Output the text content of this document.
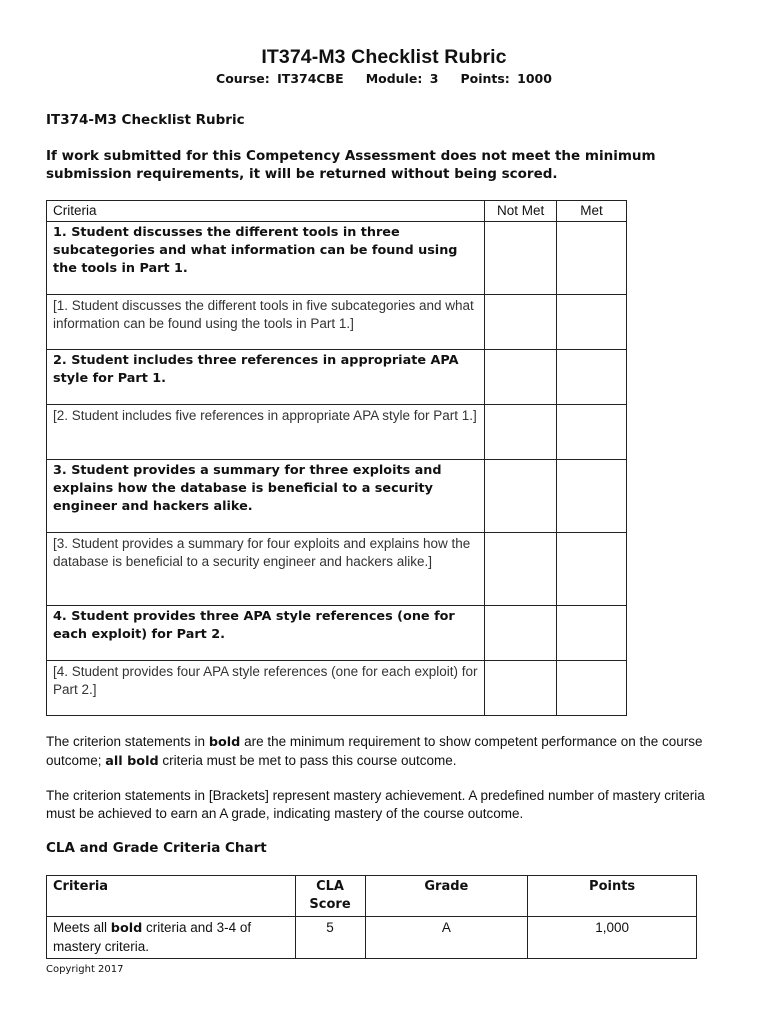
IT374-M3 Checklist Rubric
Course: IT374CBE   Module: 3   Points: 1000
IT374-M3 Checklist Rubric
If work submitted for this Competency Assessment does not meet the minimum submission requirements, it will be returned without being scored.
Criteria	Not Met	Met
1. Student discusses the different tools in three subcategories and what information can be found using the tools in Part 1.		
[1. Student discusses the different tools in five subcategories and what information can be found using the tools in Part 1.]		
2. Student includes three references in appropriate APA style for Part 1.		
[2. Student includes five references in appropriate APA style for Part 1.]		
3. Student provides a summary for three exploits and explains how the database is beneficial to a security engineer and hackers alike.		
[3. Student provides a summary for four exploits and explains how the database is beneficial to a security engineer and hackers alike.]		
4. Student provides three APA style references (one for each exploit) for Part 2.		
[4. Student provides four APA style references (one for each exploit) for Part 2.]		
The criterion statements in bold are the minimum requirement to show competent performance on the course outcome; all bold criteria must be met to pass this course outcome.
The criterion statements in [Brackets] represent mastery achievement. A predefined number of mastery criteria must be achieved to earn an A grade, indicating mastery of the course outcome.
CLA and Grade Criteria Chart
Criteria	CLA Score	Grade	Points
Meets all bold criteria and 3-4 of mastery criteria.	5	A	1,000
Copyright 2017
